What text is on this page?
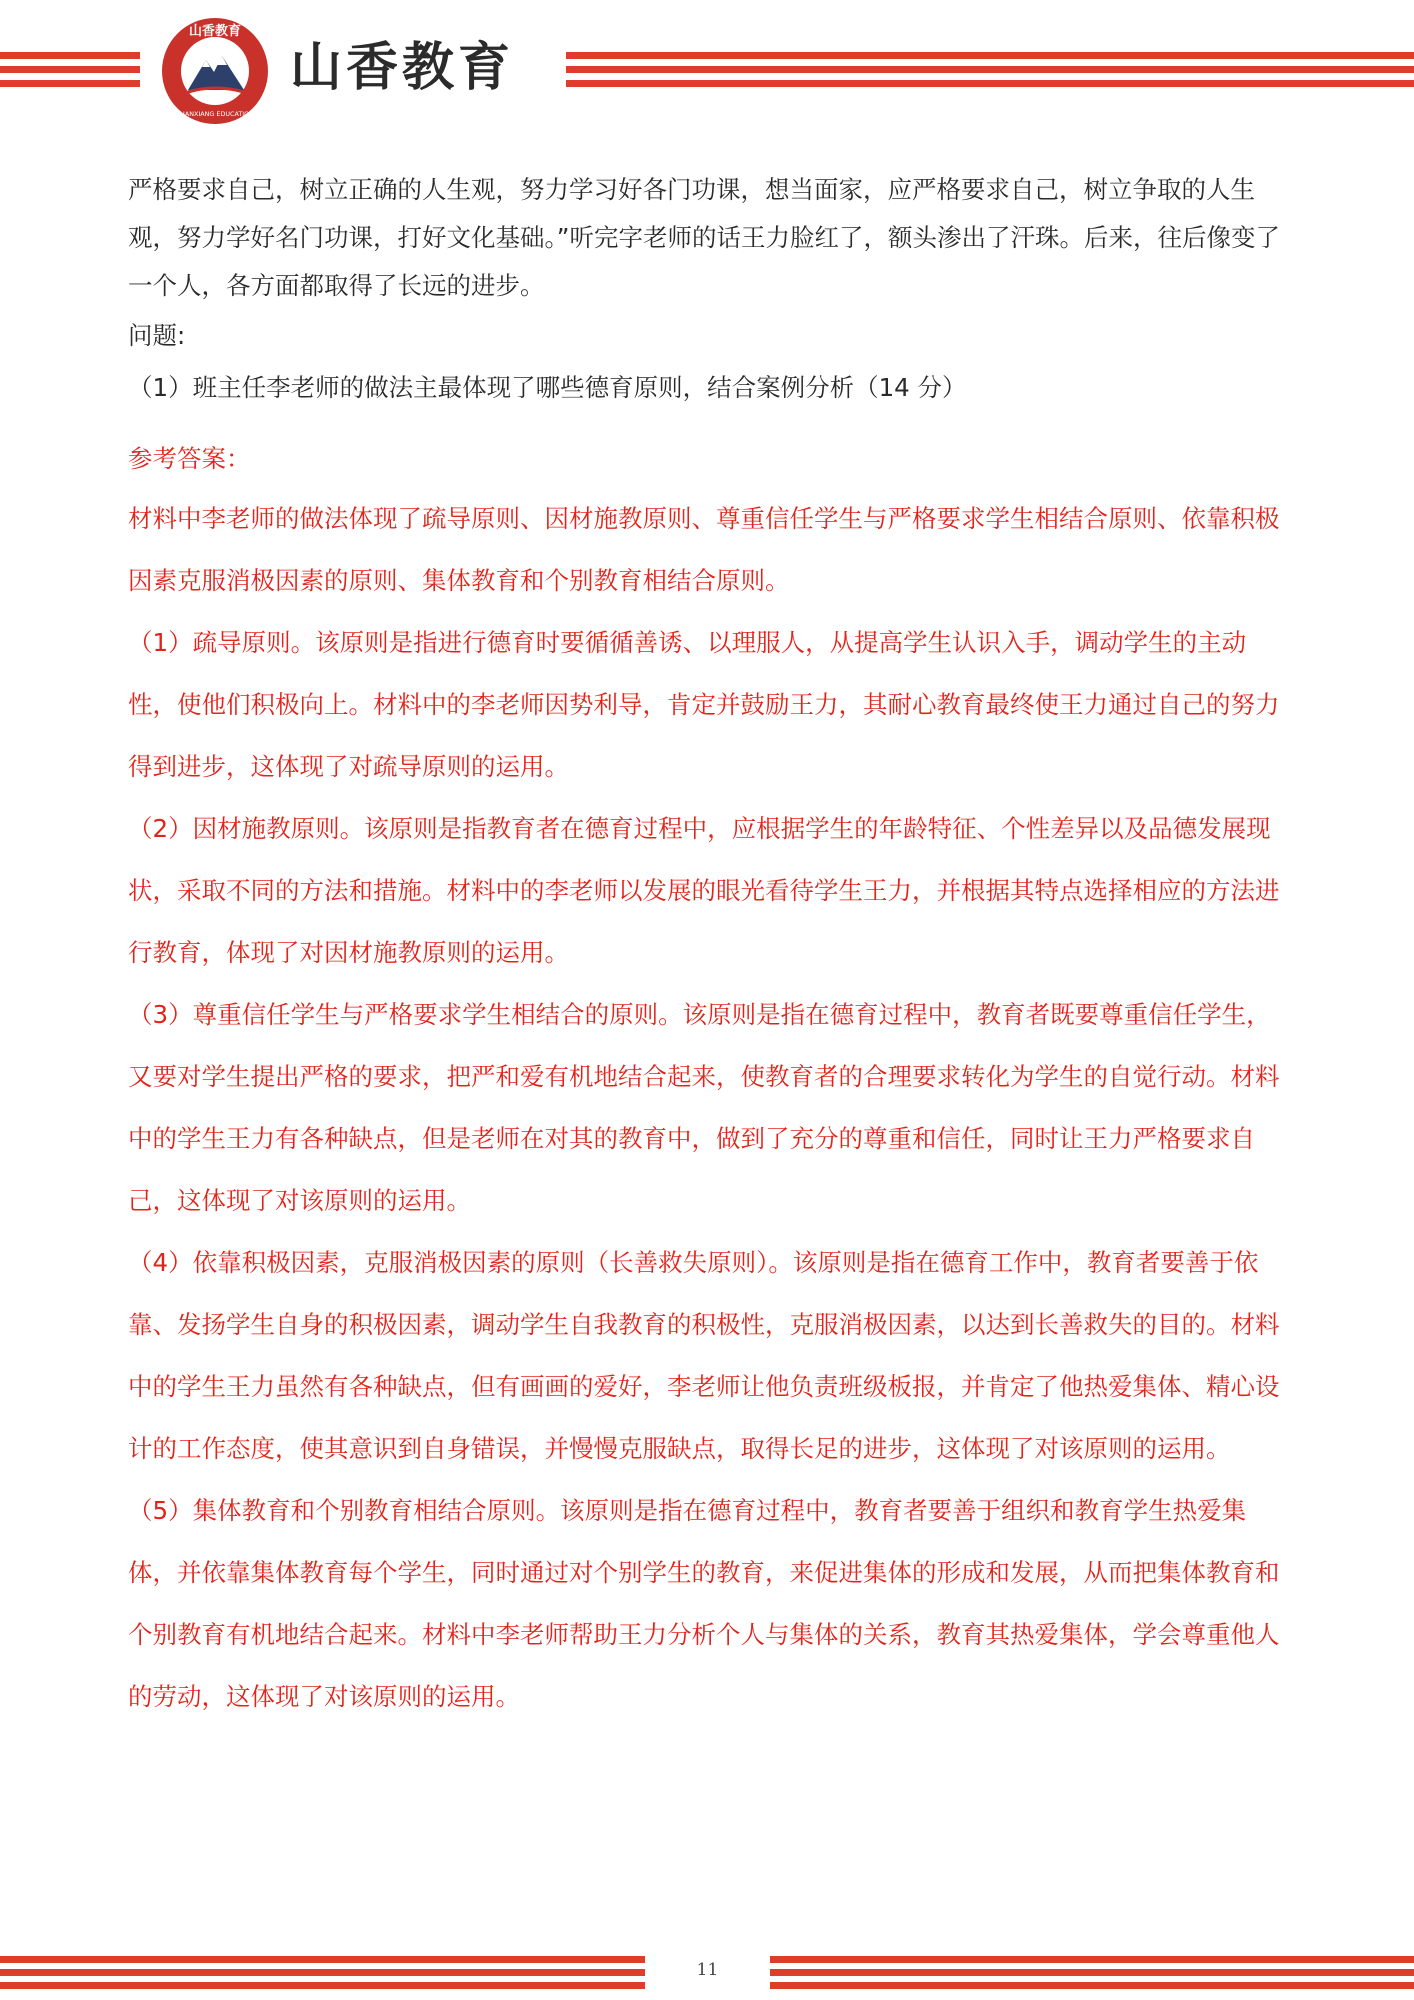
山香教育
SHANXIANG EDUCATION
山香教育

严格要求自己，树立正确的人生观，努力学习好各门功课，想当面家，应严格要求自己，树立争取的人生观，努力学好名门功课，打好文化基础。”听完字老师的话王力脸红了，额头渗出了汗珠。后来，往后像变了一个人，各方面都取得了长远的进步。

问题:

（1）班主任李老师的做法主最体现了哪些德育原则，结合案例分析（14 分）

参考答案：

材料中李老师的做法体现了疏导原则、因材施教原则、尊重信任学生与严格要求学生相结合原则、依靠积极因素克服消极因素的原则、集体教育和个别教育相结合原则。

（1）疏导原则。该原则是指进行德育时要循循善诱、以理服人，从提高学生认识入手，调动学生的主动性，使他们积极向上。材料中的李老师因势利导，肯定并鼓励王力，其耐心教育最终使王力通过自己的努力得到进步，这体现了对疏导原则的运用。

（2）因材施教原则。该原则是指教育者在德育过程中，应根据学生的年龄特征、个性差异以及品德发展现状，采取不同的方法和措施。材料中的李老师以发展的眼光看待学生王力，并根据其特点选择相应的方法进行教育，体现了对因材施教原则的运用。

（3）尊重信任学生与严格要求学生相结合的原则。该原则是指在德育过程中，教育者既要尊重信任学生，又要对学生提出严格的要求，把严和爱有机地结合起来，使教育者的合理要求转化为学生的自觉行动。材料中的学生王力有各种缺点，但是老师在对其的教育中，做到了充分的尊重和信任，同时让王力严格要求自己，这体现了对该原则的运用。

（4）依靠积极因素，克服消极因素的原则（长善救失原则）。该原则是指在德育工作中，教育者要善于依靠、发扬学生自身的积极因素，调动学生自我教育的积极性，克服消极因素，以达到长善救失的目的。材料中的学生王力虽然有各种缺点，但有画画的爱好，李老师让他负责班级板报，并肯定了他热爱集体、精心设计的工作态度，使其意识到自身错误，并慢慢克服缺点，取得长足的进步，这体现了对该原则的运用。

（5）集体教育和个别教育相结合原则。该原则是指在德育过程中，教育者要善于组织和教育学生热爱集体，并依靠集体教育每个学生，同时通过对个别学生的教育，来促进集体的形成和发展，从而把集体教育和个别教育有机地结合起来。材料中李老师帮助王力分析个人与集体的关系，教育其热爱集体，学会尊重他人的劳动，这体现了对该原则的运用。

11
